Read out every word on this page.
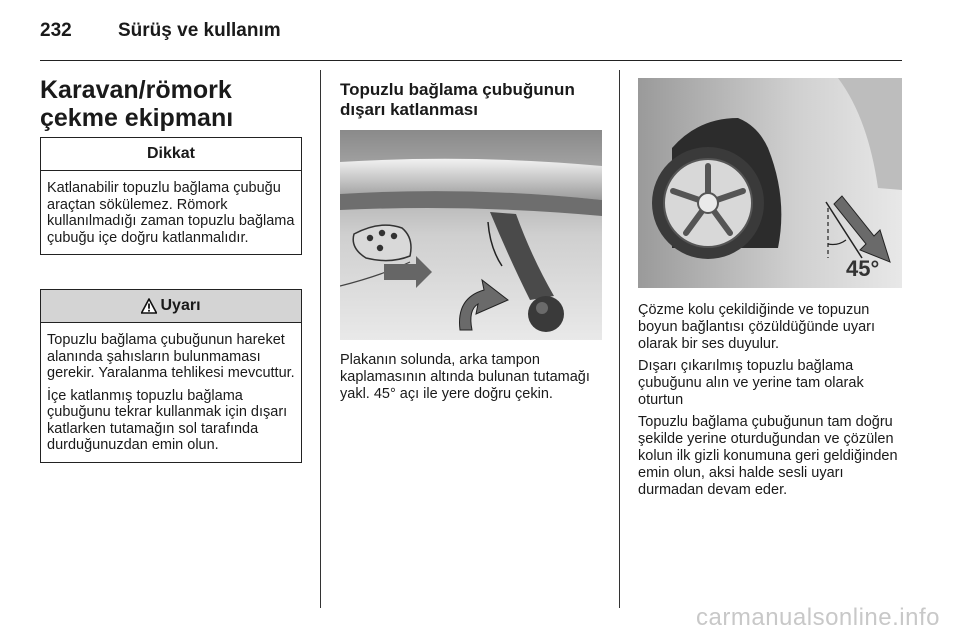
232 Sürüş ve kullanım
Karavan/römork çekme ekipmanı
Dikkat

Katlanabilir topuzlu bağlama çubuğu araçtan sökülemez. Römork kullanılmadığı zaman topuzlu bağlama çubuğu içe doğru katlanmalıdır.

Uyarı

Topuzlu bağlama çubuğunun hareket alanında şahısların bulunmaması gerekir. Yaralanma tehlikesi mevcuttur.

İçe katlanmış topuzlu bağlama çubuğunu tekrar kullanmak için dışarı katlarken tutamağın sol tarafında durduğunuzdan emin olun.

Topuzlu bağlama çubuğunun dışarı katlanması

Plakanın solunda, arka tampon kaplamasının altında bulunan tutamağı yakl. 45° açı ile yere doğru çekin.

45°

Çözme kolu çekildiğinde ve topuzun boyun bağlantısı çözüldüğünde uyarı olarak bir ses duyulur.

Dışarı çıkarılmış topuzlu bağlama çubuğunu alın ve yerine tam olarak oturtun

Topuzlu bağlama çubuğunun tam doğru şekilde yerine oturduğundan ve çözülen kolun ilk gizli konumuna geri geldiğinden emin olun, aksi halde sesli uyarı durmadan devam eder.

carmanualsonline.info
